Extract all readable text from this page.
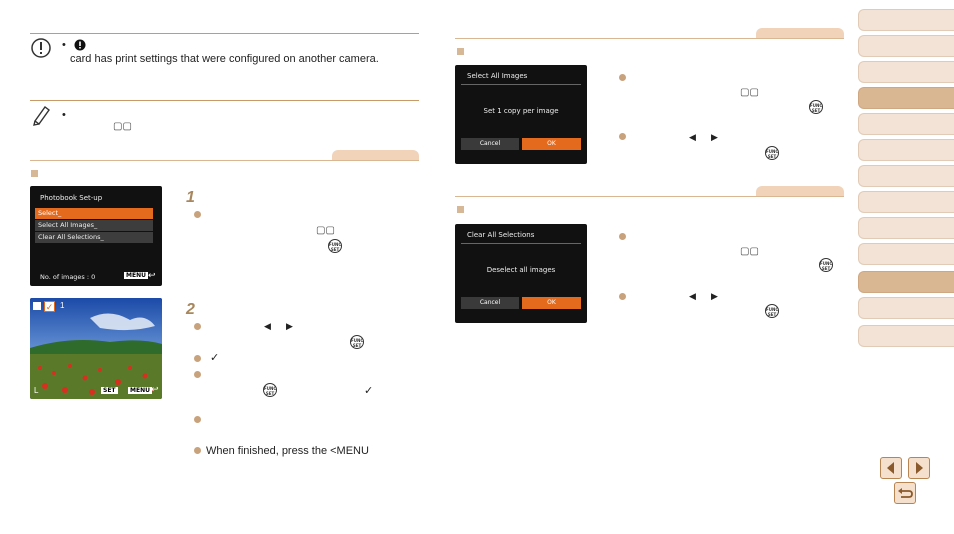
•
card has print settings that were configured on another camera.
•
▢▢
Photobook Set-up
Select_
Select All Images_
Clear All Selections_
No. of images : 0	MENU ↩
✓ 1
L	SET	MENU ↩
1
▢▢
FUNC
SET
2
◀ ▶
FUNC
SET
✓
FUNC
SET	✓
When finished, press the <MENU
Select All Images
Set 1 copy per image
Cancel	OK
▢▢
FUNC
SET
◀ ▶
FUNC
SET
Clear All Selections
Deselect all images
Cancel	OK
▢▢
FUNC
SET
◀ ▶
FUNC
SET
